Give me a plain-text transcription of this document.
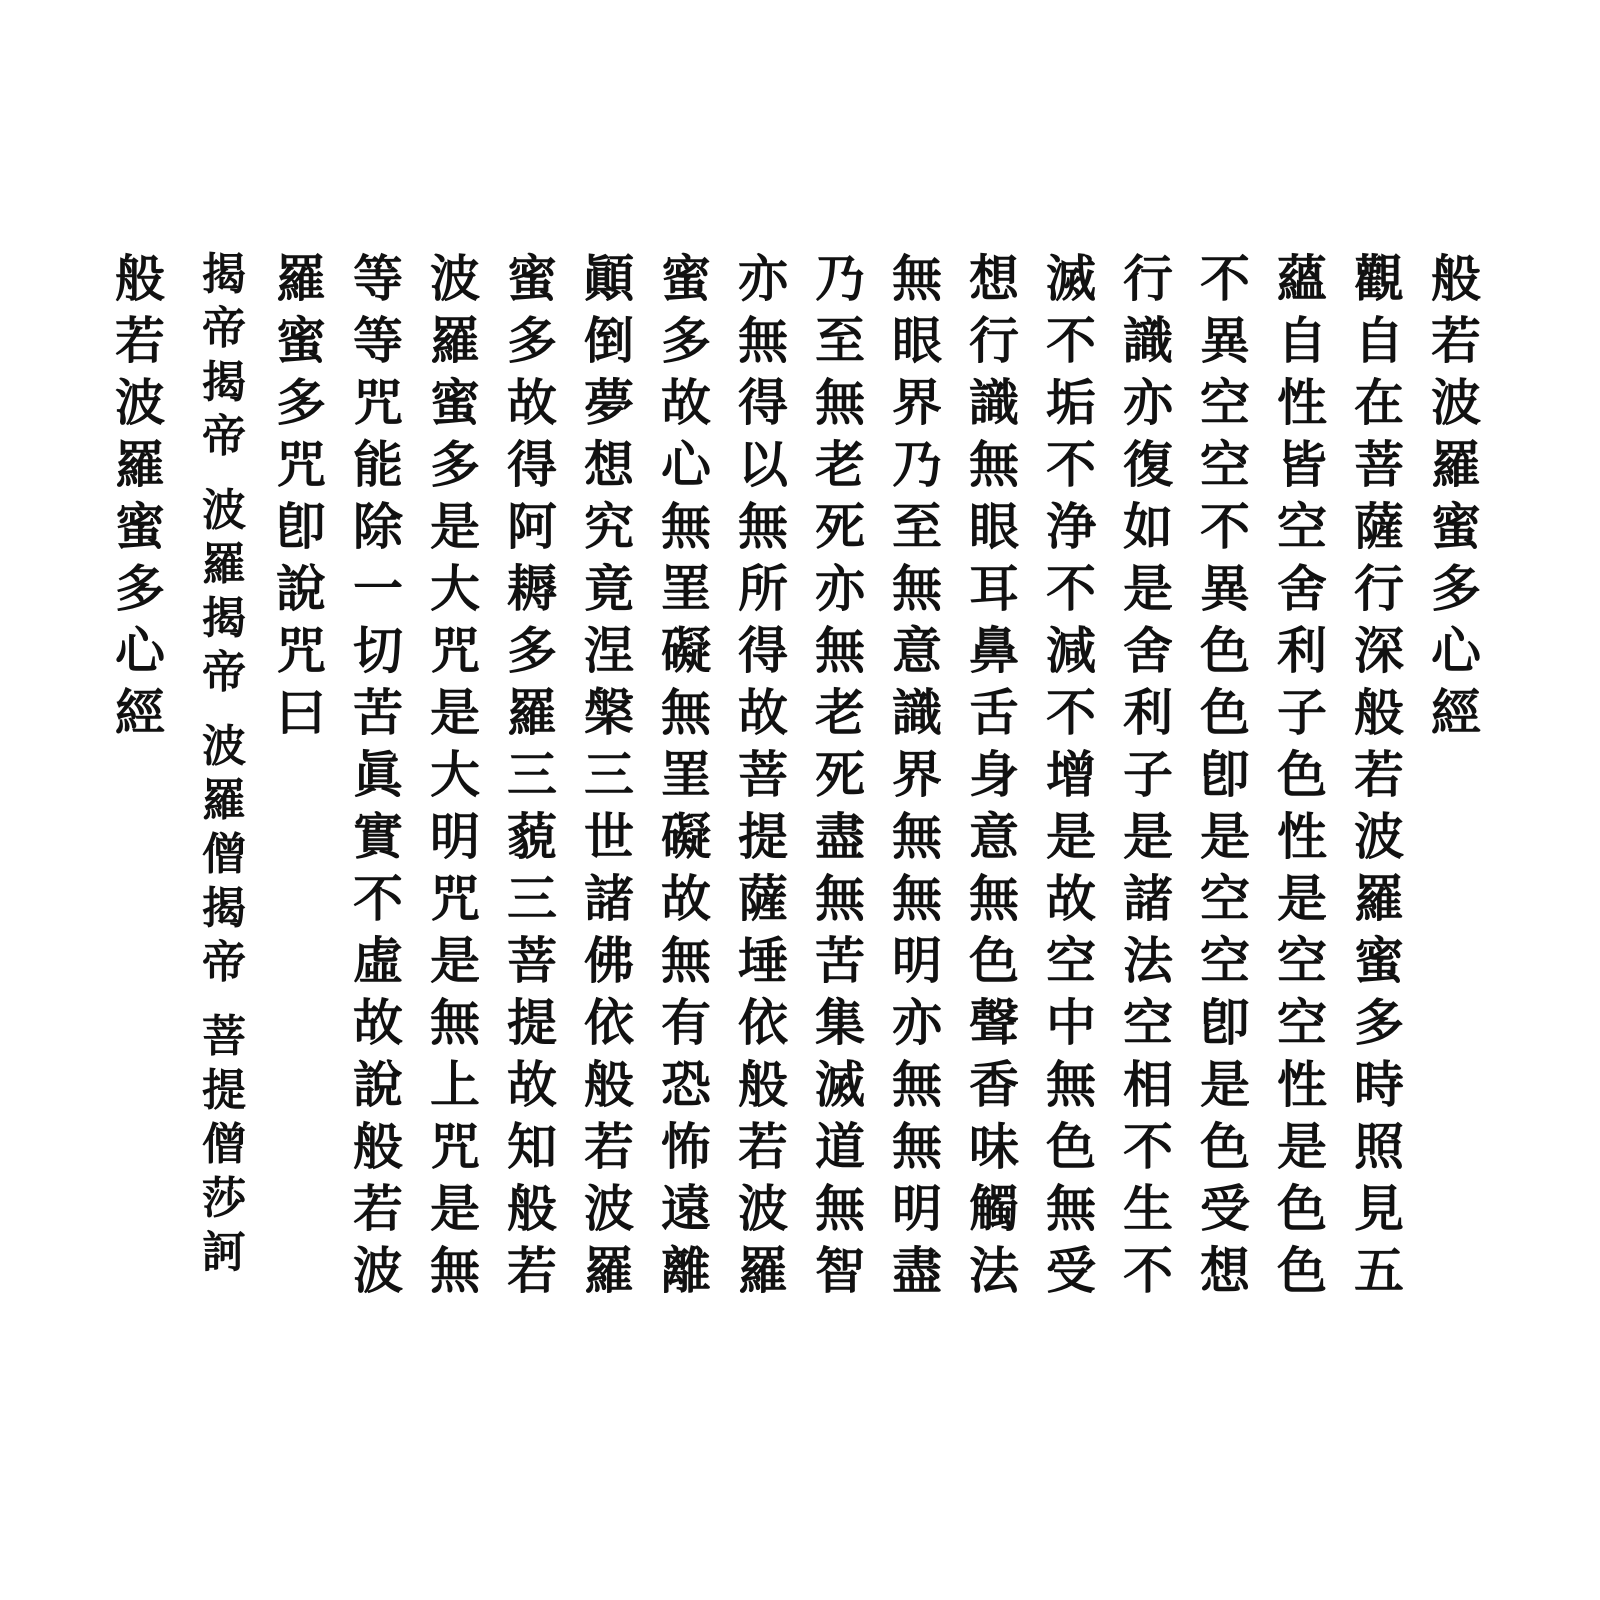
般
若
波
羅
蜜
多
心
經
觀
自
在
菩
薩
行
深
般
若
波
羅
蜜
多
時
照
見
五
蘊
自
性
皆
空
舍
利
子
色
性
是
空
空
性
是
色
色
不
異
空
空
不
異
色
色
卽
是
空
空
卽
是
色
受
想
行
識
亦
復
如
是
舍
利
子
是
諸
法
空
相
不
生
不
滅
不
垢
不
浄
不
減
不
增
是
故
空
中
無
色
無
受
想
行
識
無
眼
耳
鼻
舌
身
意
無
色
聲
香
味
觸
法
無
眼
界
乃
至
無
意
識
界
無
無
明
亦
無
無
明
盡
乃
至
無
老
死
亦
無
老
死
盡
無
苦
集
滅
道
無
智
亦
無
得
以
無
所
得
故
菩
提
薩
埵
依
般
若
波
羅
蜜
多
故
心
無
罣
礙
無
罣
礙
故
無
有
恐
怖
遠
離
顚
倒
夢
想
究
竟
涅
槃
三
世
諸
佛
依
般
若
波
羅
蜜
多
故
得
阿
耨
多
羅
三
藐
三
菩
提
故
知
般
若
波
羅
蜜
多
是
大
咒
是
大
明
咒
是
無
上
咒
是
無
等
等
咒
能
除
一
切
苦
眞
實
不
虛
故
說
般
若
波
羅
蜜
多
咒
卽
說
咒
曰
揭
帝
揭
帝
波
羅
揭
帝
波
羅
僧
揭
帝
菩
提
僧
莎
訶
般
若
波
羅
蜜
多
心
經
